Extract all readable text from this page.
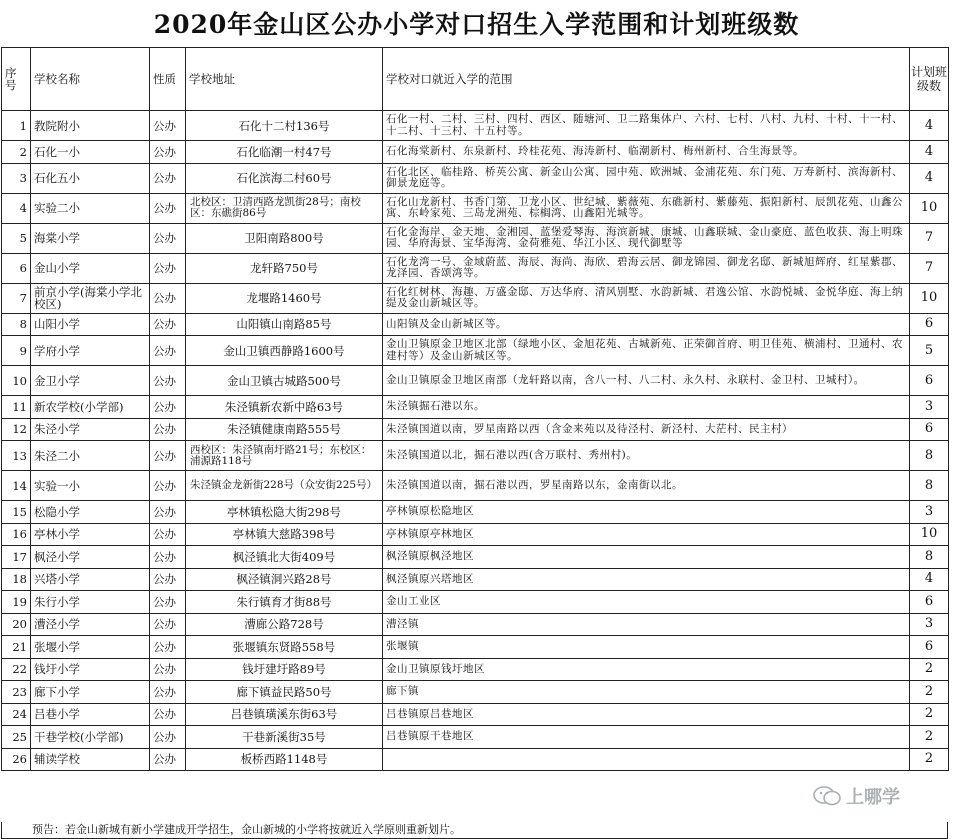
2020年金山区公办小学对口招生入学范围和计划班级数
序号	学校名称	性质	学校地址	学校对口就近入学的范围	计划班级数
1	教院附小	公办	石化十二村136号	石化一村、二村、三村、四村、西区、随塘河、卫二路集体户、六村、七村、八村、九村、十村、十一村、十二村、十三村、十五村等。	4
2	石化一小	公办	石化临潮一村47号	石化海棠新村、东泉新村、玲桂花苑、海涛新村、临潮新村、梅州新村、合生海景等。	4
3	石化五小	公办	石化滨海二村60号	石化北区、临桂路、桥英公寓、新金山公寓、园中苑、欧洲城、金浦花苑、东门苑、万寿新村、滨海新村、御景龙庭等。	4
4	实验二小	公办	北校区：卫清西路龙凯街28号；南校区：东礁街86号	石化山龙新村、书香门第、卫龙小区、世纪城、紫薇苑、东礁新村、紫藤苑、振阳新村、辰凯花苑、山鑫公寓、东岭家苑、三岛龙洲苑、棕榈湾、山鑫阳光城等。	10
5	海棠小学	公办	卫阳南路800号	石化金海岸、金天地、金湘园、蓝堡爱琴海、海滨新城、康城、山鑫联城、金山豪庭、蓝色收获、海上明珠园、华府海景、宝华海湾、金荷雅苑、华江小区、现代御墅等	7
6	金山小学	公办	龙轩路750号	石化龙湾一号、金域蔚蓝、海辰、海尚、海欣、碧海云居、御龙锦园、御龙名邸、新城旭辉府、红星紫郡、龙泽园、香颂湾等。	7
7	前京小学(海棠小学北校区)	公办	龙堰路1460号	石化红树林、海趣、万盛金邸、万达华府、清风别墅、水韵新城、君逸公馆、水韵悦城、金悦华庭、海上纳缇及金山新城区等。	10
8	山阳小学	公办	山阳镇山南路85号	山阳镇及金山新城区等。	6
9	学府小学	公办	金山卫镇西静路1600号	金山卫镇原金卫地区北部（绿地小区、金旭花苑、古城新苑、正荣御首府、明卫佳苑、横浦村、卫通村、农建村等）及金山新城区等。	5
10	金卫小学	公办	金山卫镇古城路500号	金山卫镇原金卫地区南部（龙轩路以南，含八一村、八二村、永久村、永联村、金卫村、卫城村）。	6
11	新农学校(小学部)	公办	朱泾镇新农新中路63号	朱泾镇掘石港以东。	3
12	朱泾小学	公办	朱泾镇健康南路555号	朱泾镇国道以南，罗星南路以西（含金来苑以及待泾村、新泾村、大茫村、民主村）	6
13	朱泾二小	公办	西校区：朱泾镇南圩路21号；东校区：浦源路118号	朱泾镇国道以北，掘石港以西(含万联村、秀州村)。	8
14	实验一小	公办	朱泾镇金龙新街228号（众安街225号）	朱泾镇国道以南，掘石港以西，罗星南路以东，金南街以北。	8
15	松隐小学	公办	亭林镇松隐大街298号	亭林镇原松隐地区	3
16	亭林小学	公办	亭林镇大慈路398号	亭林镇原亭林地区	10
17	枫泾小学	公办	枫泾镇北大街409号	枫泾镇原枫泾地区	8
18	兴塔小学	公办	枫泾镇洞兴路28号	枫泾镇原兴塔地区	4
19	朱行小学	公办	朱行镇育才街88号	金山工业区	6
20	漕泾小学	公办	漕廊公路728号	漕泾镇	3
21	张堰小学	公办	张堰镇东贤路558号	张堰镇	6
22	钱圩小学	公办	钱圩建圩路89号	金山卫镇原钱圩地区	2
23	廊下小学	公办	廊下镇益民路50号	廊下镇	2
24	吕巷小学	公办	吕巷镇璜溪东街63号	吕巷镇原吕巷地区	2
25	干巷学校(小学部)	公办	干巷新溪街35号	吕巷镇原干巷地区	2
26	辅读学校	公办	板桥西路1148号		2
预告：若金山新城有新小学建成开学招生，金山新城的小学将按就近入学原则重新划片。
上哪学
